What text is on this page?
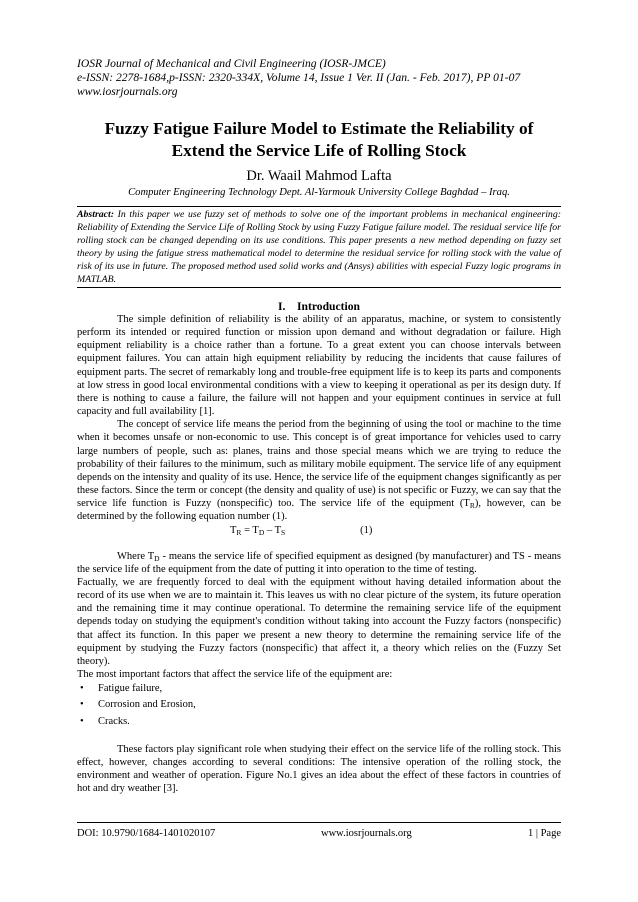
IOSR Journal of Mechanical and Civil Engineering (IOSR-JMCE)
e-ISSN: 2278-1684,p-ISSN: 2320-334X, Volume 14, Issue 1 Ver. II (Jan. - Feb. 2017), PP 01-07
www.iosrjournals.org
Fuzzy Fatigue Failure Model to Estimate the Reliability of Extend the Service Life of Rolling Stock
Dr. Waail Mahmod Lafta
Computer Engineering Technology Dept. Al-Yarmouk University College Baghdad – Iraq.
Abstract: In this paper we use fuzzy set of methods to solve one of the important problems in mechanical engineering: Reliability of Extending the Service Life of Rolling Stock by using Fuzzy Fatigue failure model. The residual service life for rolling stock can be changed depending on its use conditions. This paper presents a new method depending on fuzzy set theory by using the fatigue stress mathematical model to determine the residual service for rolling stock with the value of risk of its use in future. The proposed method used solid works and (Ansys) abilities with especial Fuzzy logic programs in MATLAB.
I. Introduction

The simple definition of reliability is the ability of an apparatus, machine, or system to consistently perform its intended or required function or mission upon demand and without degradation or failure. High equipment reliability is a choice rather than a fortune. To a great extent you can choose intervals between equipment failures. You can attain high equipment reliability by reducing the incidents that cause failures of equipment parts. The secret of remarkably long and trouble-free equipment life is to keep its parts and components at low stress in good local environmental conditions with a view to keeping it operational as per its design duty. If there is nothing to cause a failure, the failure will not happen and your equipment continues in service at full capacity and full availability [1].

The concept of service life means the period from the beginning of using the tool or machine to the time when it becomes unsafe or non-economic to use. This concept is of great importance for vehicles used to carry large numbers of people, such as: planes, trains and those special means which we are trying to reduce the probability of their failures to the minimum, such as military mobile equipment. The service life of any equipment depends on the intensity and quality of its use. Hence, the service life of the equipment changes significantly as per these factors. Since the term or concept (the density and quality of use) is not specific or Fuzzy, we can say that the service life function is Fuzzy (nonspecific) too. The service life of the equipment $(T_R)$, however, can be determined by the following equation number (1).

$T_R = T_D - T_S$	(1)

Where $T_D$ - means the service life of specified equipment as designed (by manufacturer) and TS - means the service life of the equipment from the date of putting it into operation to the time of testing.

Factually, we are frequently forced to deal with the equipment without having detailed information about the record of its use when we are to maintain it. This leaves us with no clear picture of the system, its future operation and the remaining time it may continue operational. To determine the remaining service life of the equipment depends today on studying the equipment's condition without taking into account the Fuzzy factors (nonspecific) that affect its function. In this paper we present a new theory to determine the remaining service life of the equipment by studying the Fuzzy factors (nonspecific) that affect it, a theory which relies on the (Fuzzy Set theory).

The most important factors that affect the service life of the equipment are:

• Fatigue failure,
• Corrosion and Erosion,
• Cracks.

These factors play significant role when studying their effect on the service life of the rolling stock. This effect, however, changes according to several conditions: The intensive operation of the rolling stock, the environment and weather of operation. Figure No.1 gives an idea about the effect of these factors in countries of hot and dry weather [3].

DOI: 10.9790/1684-1401020107	www.iosrjournals.org	1 | Page
